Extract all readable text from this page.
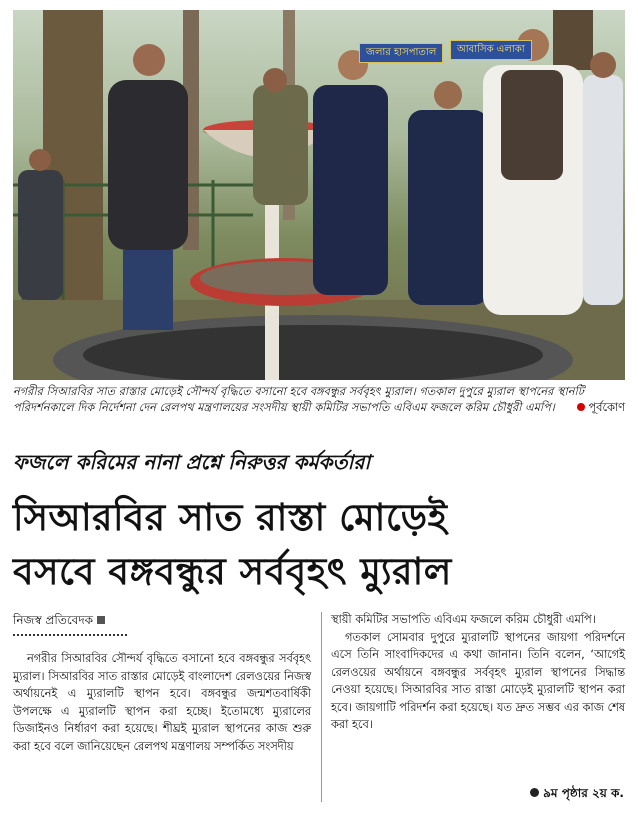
জলার হাসপাতাল	আবাসিক এলাকা
নগরীর সিআরবির সাত রাস্তার মোড়েই সৌন্দর্য বৃদ্ধিতে বসানো হবে বঙ্গবন্ধুর সর্ববৃহৎ ম্যুরাল। গতকাল দুপুরে ম্যুরাল স্থাপনের স্থানটি পরিদর্শনকালে দিক নির্দেশনা দেন রেলপথ মন্ত্রণালয়ের সংসদীয় স্থায়ী কমিটির সভাপতি এবিএম ফজলে করিম চৌধুরী এমপি।	পূর্বকোণ
ফজলে করিমের নানা প্রশ্নে নিরুত্তর কর্মকর্তারা
সিআরবির সাত রাস্তা মোড়েই
বসবে বঙ্গবন্ধুর সর্ববৃহৎ ম্যুরাল
নিজস্ব প্রতিবেদক

নগরীর সিআরবির সৌন্দর্য বৃদ্ধিতে বসানো হবে বঙ্গবন্ধুর সর্ববৃহৎ ম্যুরাল। সিআরবির সাত রাস্তার মোড়েই বাংলাদেশ রেলওয়ের নিজস্ব অর্থায়নেই এ ম্যুরালটি স্থাপন হবে। বঙ্গবন্ধুর জন্মশতবার্ষিকী উপলক্ষে এ ম্যুরালটি স্থাপন করা হচ্ছে। ইতোমধ্যে ম্যুরালের ডিজাইনও নির্ধারণ করা হয়েছে। শীঘ্রই ম্যুরাল স্থাপনের কাজ শুরু করা হবে বলে জানিয়েছেন রেলপথ মন্ত্রণালয় সম্পর্কিত সংসদীয়

স্থায়ী কমিটির সভাপতি এবিএম ফজলে করিম চৌধুরী এমপি।

গতকাল সোমবার দুপুরে ম্যুরালটি স্থাপনের জায়গা পরিদর্শনে এসে তিনি সাংবাদিকদের এ কথা জানান। তিনি বলেন, ‘আগেই রেলওয়ের অর্থায়নে বঙ্গবন্ধুর সর্ববৃহৎ ম্যুরাল স্থাপনের সিদ্ধান্ত নেওয়া হয়েছে। সিআরবির সাত রাস্তা মোড়েই ম্যুরালটি স্থাপন করা হবে। জায়গাটি পরিদর্শন করা হয়েছে। যত দ্রুত সম্ভব এর কাজ শেষ করা হবে।

৯ম পৃষ্ঠার ২য় ক.
